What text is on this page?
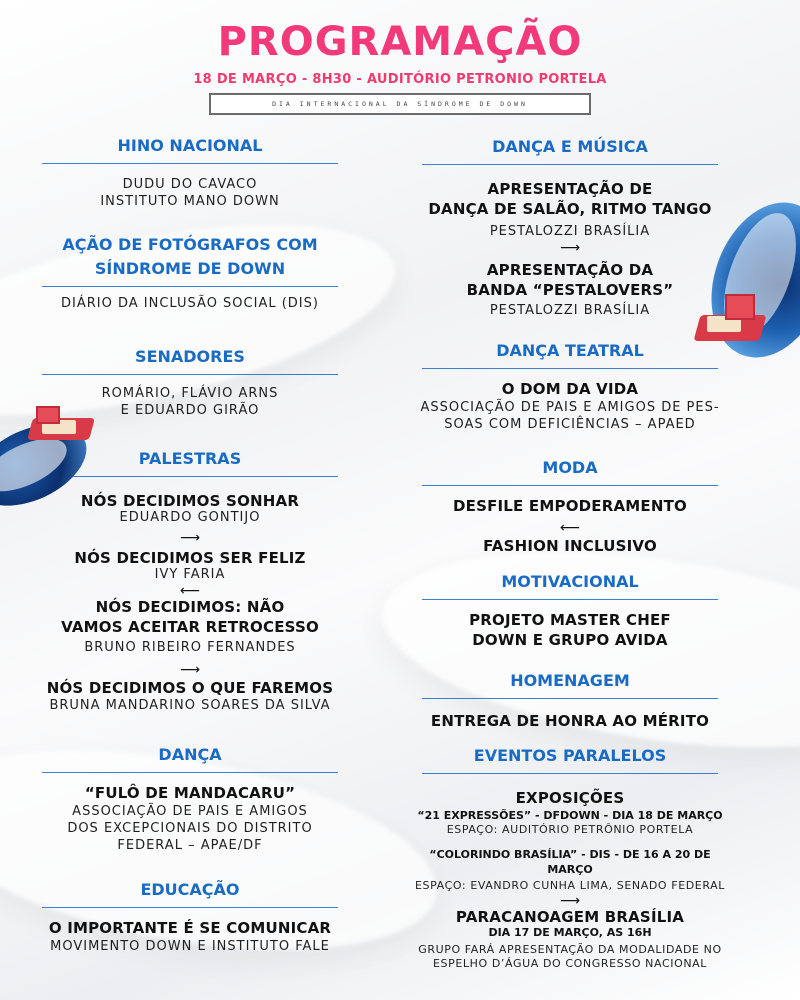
PROGRAMAÇÃO
18 DE MARÇO - 8H30 - AUDITÓRIO PETRONIO PORTELA
DIA INTERNACIONAL DA SÍNDROME DE DOWN
HINO NACIONAL
DUDU DO CAVACO
INSTITUTO MANO DOWN
AÇÃO DE FOTÓGRAFOS COM
SÍNDROME DE DOWN
DIÁRIO DA INCLUSÃO SOCIAL (DIS)
SENADORES
ROMÁRIO, FLÁVIO ARNS
E EDUARDO GIRÃO
PALESTRAS
NÓS DECIDIMOS SONHAR
EDUARDO GONTIJO
⟶
NÓS DECIDIMOS SER FELIZ
IVY FARIA
⟵
NÓS DECIDIMOS: NÃO
VAMOS ACEITAR RETROCESSO
BRUNO RIBEIRO FERNANDES
⟶
NÓS DECIDIMOS O QUE FAREMOS
BRUNA MANDARINO SOARES DA SILVA
DANÇA
“FULÔ DE MANDACARU”
ASSOCIAÇÃO DE PAIS E AMIGOS
DOS EXCEPCIONAIS DO DISTRITO
FEDERAL – APAE/DF
EDUCAÇÃO
O IMPORTANTE É SE COMUNICAR
MOVIMENTO DOWN E INSTITUTO FALE
DANÇA E MÚSICA
APRESENTAÇÃO DE
DANÇA DE SALÃO, RITMO TANGO
PESTALOZZI BRASÍLIA
⟶
APRESENTAÇÃO DA
BANDA “PESTALOVERS”
PESTALOZZI BRASÍLIA
DANÇA TEATRAL
O DOM DA VIDA
ASSOCIAÇÃO DE PAIS E AMIGOS DE PES-
SOAS COM DEFICIÊNCIAS – APAED
MODA
DESFILE EMPODERAMENTO
⟵
FASHION INCLUSIVO
MOTIVACIONAL
PROJETO MASTER CHEF
DOWN E GRUPO AVIDA
HOMENAGEM
ENTREGA DE HONRA AO MÉRITO
EVENTOS PARALELOS
EXPOSIÇÕES
“21 EXPRESSÕES” - DFDOWN - DIA 18 DE MARÇO
ESPAÇO: AUDITÓRIO PETRÔNIO PORTELA
“COLORINDO BRASÍLIA” - DIS - DE 16 A 20 DE MARÇO
ESPAÇO: EVANDRO CUNHA LIMA, SENADO FEDERAL
⟶
PARACANOAGEM BRASÍLIA
DIA 17 DE MARÇO, AS 16H
GRUPO FARÁ APRESENTAÇÃO DA MODALIDADE NO
ESPELHO D’ÁGUA DO CONGRESSO NACIONAL
